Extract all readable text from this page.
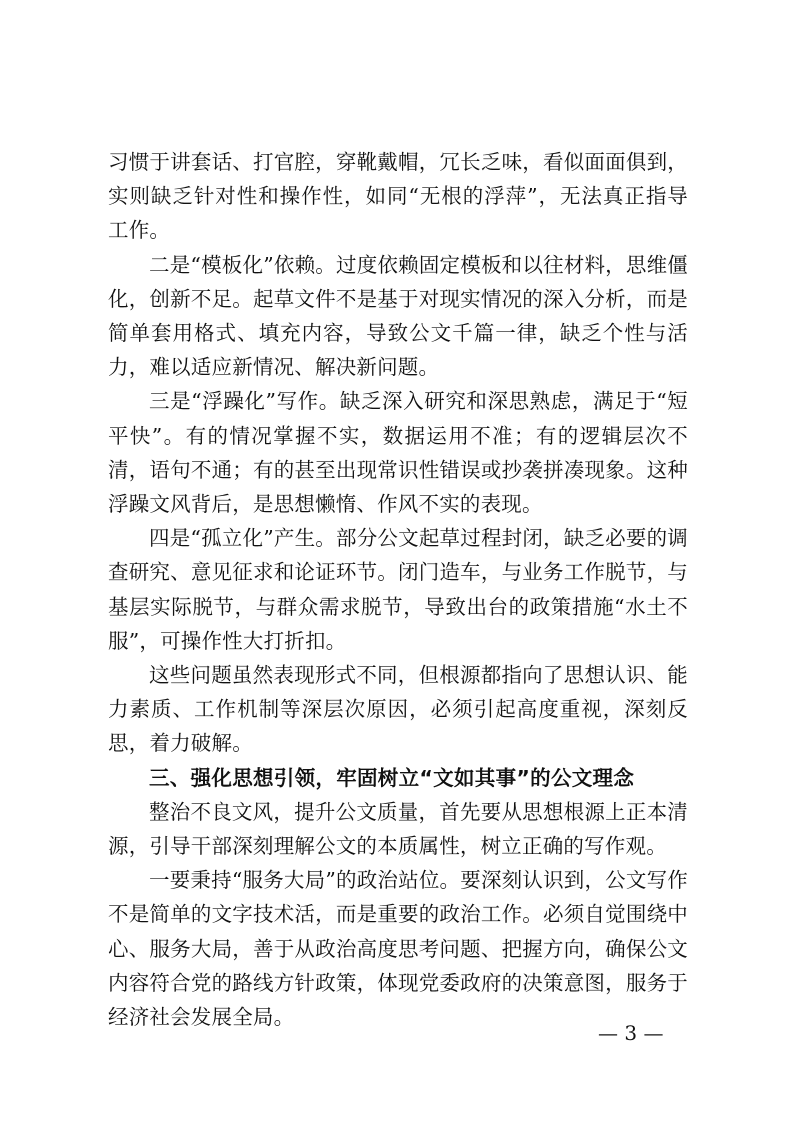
习惯于讲套话、打官腔，穿靴戴帽，冗长乏味，看似面面俱到，实则缺乏针对性和操作性，如同“无根的浮萍”，无法真正指导工作。

二是“模板化”依赖。过度依赖固定模板和以往材料，思维僵化，创新不足。起草文件不是基于对现实情况的深入分析，而是简单套用格式、填充内容，导致公文千篇一律，缺乏个性与活力，难以适应新情况、解决新问题。

三是“浮躁化”写作。缺乏深入研究和深思熟虑，满足于“短平快”。有的情况掌握不实，数据运用不准；有的逻辑层次不清，语句不通；有的甚至出现常识性错误或抄袭拼凑现象。这种浮躁文风背后，是思想懒惰、作风不实的表现。

四是“孤立化”产生。部分公文起草过程封闭，缺乏必要的调查研究、意见征求和论证环节。闭门造车，与业务工作脱节，与基层实际脱节，与群众需求脱节，导致出台的政策措施“水土不服”，可操作性大打折扣。

这些问题虽然表现形式不同，但根源都指向了思想认识、能力素质、工作机制等深层次原因，必须引起高度重视，深刻反思，着力破解。

三、强化思想引领，牢固树立“文如其事”的公文理念

整治不良文风，提升公文质量，首先要从思想根源上正本清源，引导干部深刻理解公文的本质属性，树立正确的写作观。

一要秉持“服务大局”的政治站位。要深刻认识到，公文写作不是简单的文字技术活，而是重要的政治工作。必须自觉围绕中心、服务大局，善于从政治高度思考问题、把握方向，确保公文内容符合党的路线方针政策，体现党委政府的决策意图，服务于经济社会发展全局。

— 3 —
